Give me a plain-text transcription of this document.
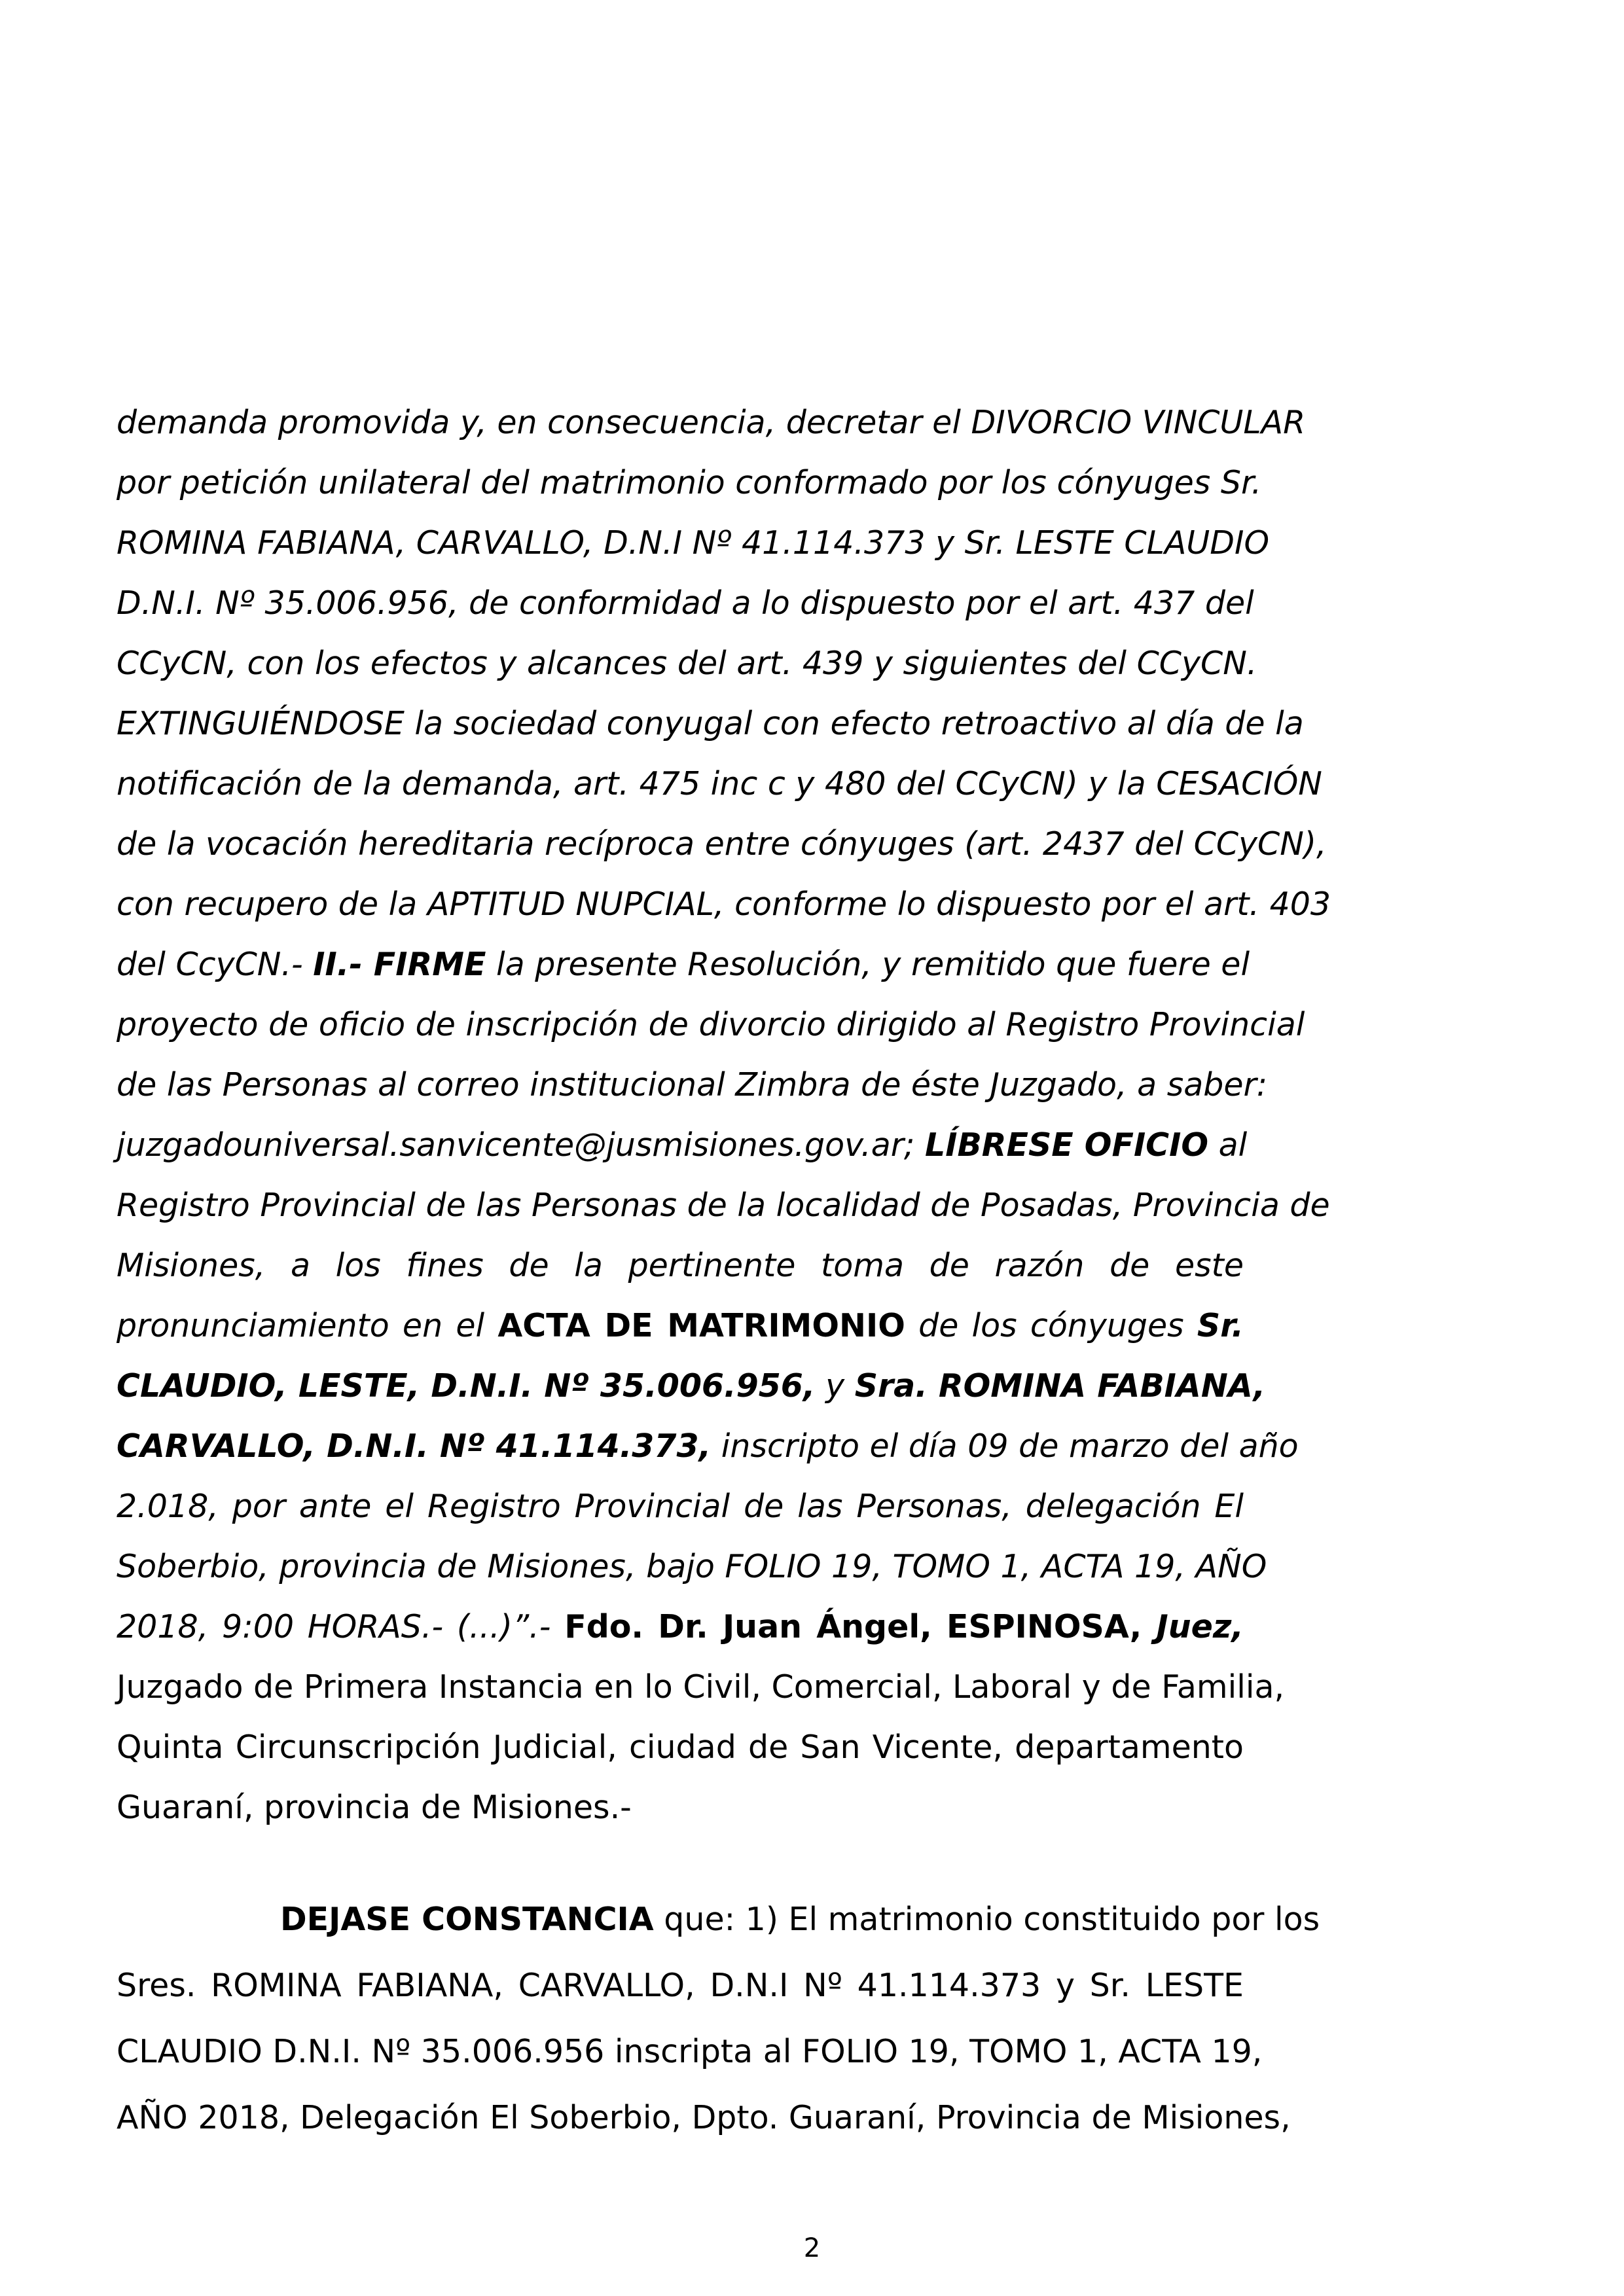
demanda promovida y, en consecuencia, decretar el DIVORCIO VINCULAR
por petición unilateral del matrimonio conformado por los cónyuges Sr.
ROMINA FABIANA, CARVALLO, D.N.I Nº 41.114.373 y Sr. LESTE CLAUDIO
D.N.I. Nº 35.006.956, de conformidad a lo dispuesto por el art. 437 del
CCyCN, con los efectos y alcances del art. 439 y siguientes del CCyCN.
EXTINGUIÉNDOSE la sociedad conyugal con efecto retroactivo al día de la
notificación de la demanda, art. 475 inc c y 480 del CCyCN) y la CESACIÓN
de la vocación hereditaria recíproca entre cónyuges (art. 2437 del CCyCN),
con recupero de la APTITUD NUPCIAL, conforme lo dispuesto por el art. 403
del CcyCN.- II.- FIRME la presente Resolución, y remitido que fuere el
proyecto de oficio de inscripción de divorcio dirigido al Registro Provincial
de las Personas al correo institucional Zimbra de éste Juzgado, a saber:
juzgadouniversal.sanvicente@jusmisiones.gov.ar; LÍBRESE OFICIO al
Registro Provincial de las Personas de la localidad de Posadas, Provincia de
Misiones, a los fines de la pertinente toma de razón de este
pronunciamiento en el ACTA DE MATRIMONIO de los cónyuges Sr.
CLAUDIO, LESTE, D.N.I. Nº 35.006.956, y Sra. ROMINA FABIANA,
CARVALLO, D.N.I. Nº 41.114.373, inscripto el día 09 de marzo del año
2.018, por ante el Registro Provincial de las Personas, delegación El
Soberbio, provincia de Misiones, bajo FOLIO 19, TOMO 1, ACTA 19, AÑO
2018, 9:00 HORAS.- (...)”.- Fdo. Dr. Juan Ángel, ESPINOSA, Juez,
Juzgado de Primera Instancia en lo Civil, Comercial, Laboral y de Familia,
Quinta Circunscripción Judicial, ciudad de San Vicente, departamento
Guaraní, provincia de Misiones.-
DEJASE CONSTANCIA que: 1) El matrimonio constituido por los
Sres. ROMINA FABIANA, CARVALLO, D.N.I Nº 41.114.373 y Sr. LESTE
CLAUDIO D.N.I. Nº 35.006.956 inscripta al FOLIO 19, TOMO 1, ACTA 19,
AÑO 2018, Delegación El Soberbio, Dpto. Guaraní, Provincia de Misiones,
2
